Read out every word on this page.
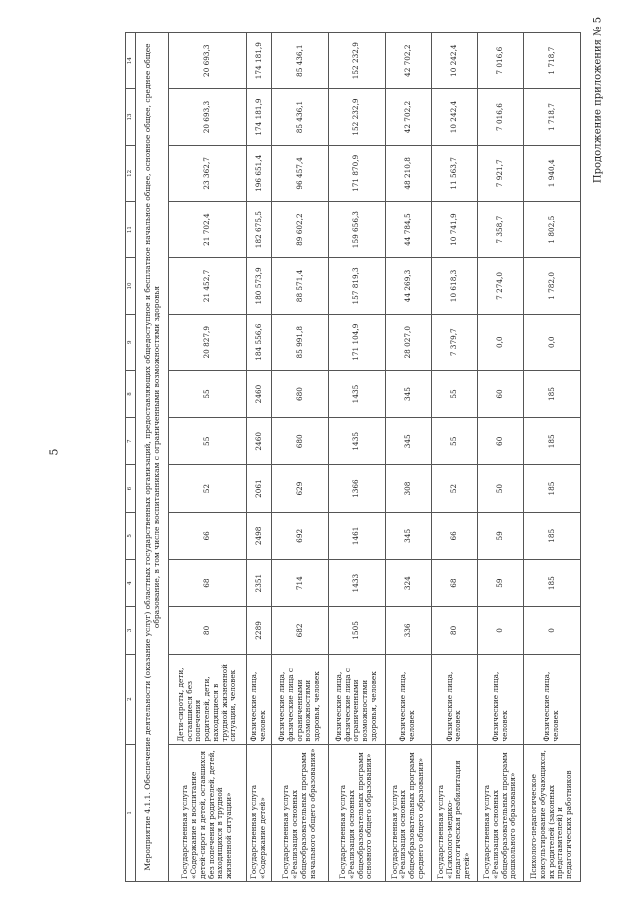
5
Продолжение приложения № 5
1	2	3	4	5	6	7	8	9	10	11	12	13	14
Мероприятие 4.1.1. Обеспечение деятельности (оказание услуг) областных государственных организаций, предоставляющих общедоступное и бесплатное начальное общее, основное общее, среднее общее образование, в том числе воспитанникам с ограниченными возможностями здоровья													
Государственная услуга «Содержание и воспитание детей-сирот и детей, оставшихся без попечения родителей, детей, находящихся в трудной жизненной ситуации»	Дети-сироты, дети, оставшиеся без попечения родителей, дети, находящиеся в трудной жизненной ситуации, человек	80	68	66	52	55	55	20 827,9	21 452,7	21 702,4	23 362,7	20 693,3	20 693,3
Государственная услуга «Содержание детей»	Физические лица, человек	2289	2351	2498	2061	2460	2460	184 556,6	180 573,9	182 675,5	196 651,4	174 181,9	174 181,9
Государственная услуга «Реализация основных общеобразовательных программ начального общего образования»	Физические лица, физические лица с ограниченными возможностями здоровья, человек	682	714	692	629	680	680	85 991,8	88 571,4	89 602,2	96 457,4	85 436,1	85 436,1
Государственная услуга «Реализация основных общеобразовательных программ основного общего образования»	Физические лица, физические лица с ограниченными возможностями здоровья, человек	1505	1433	1461	1366	1435	1435	171 104,9	157 819,3	159 656,3	171 870,9	152 232,9	152 232,9
Государственная услуга «Реализация основных общеобразовательных программ среднего общего образования»	Физические лица, человек	336	324	345	308	345	345	28 027,0	44 269,3	44 784,5	48 210,8	42 702,2	42 702,2
Государственная услуга «Психолого-медико-педагогическая реабилитация детей»	Физические лица, человек	80	68	66	52	55	55	7 379,7	10 618,3	10 741,9	11 563,7	10 242,4	10 242,4
Государственная услуга «Реализация основных общеобразовательных программ дошкольного образования»	Физические лица, человек	0	59	59	50	60	60	0,0	7 274,0	7 358,7	7 921,7	7 016,6	7 016,6
Психолого-педагогическое консультирование обучающихся, их родителей (законных представителей) и педагогических работников	Физические лица, человек	0	185	185	185	185	185	0,0	1 782,0	1 802,5	1 940,4	1 718,7	1 718,7
